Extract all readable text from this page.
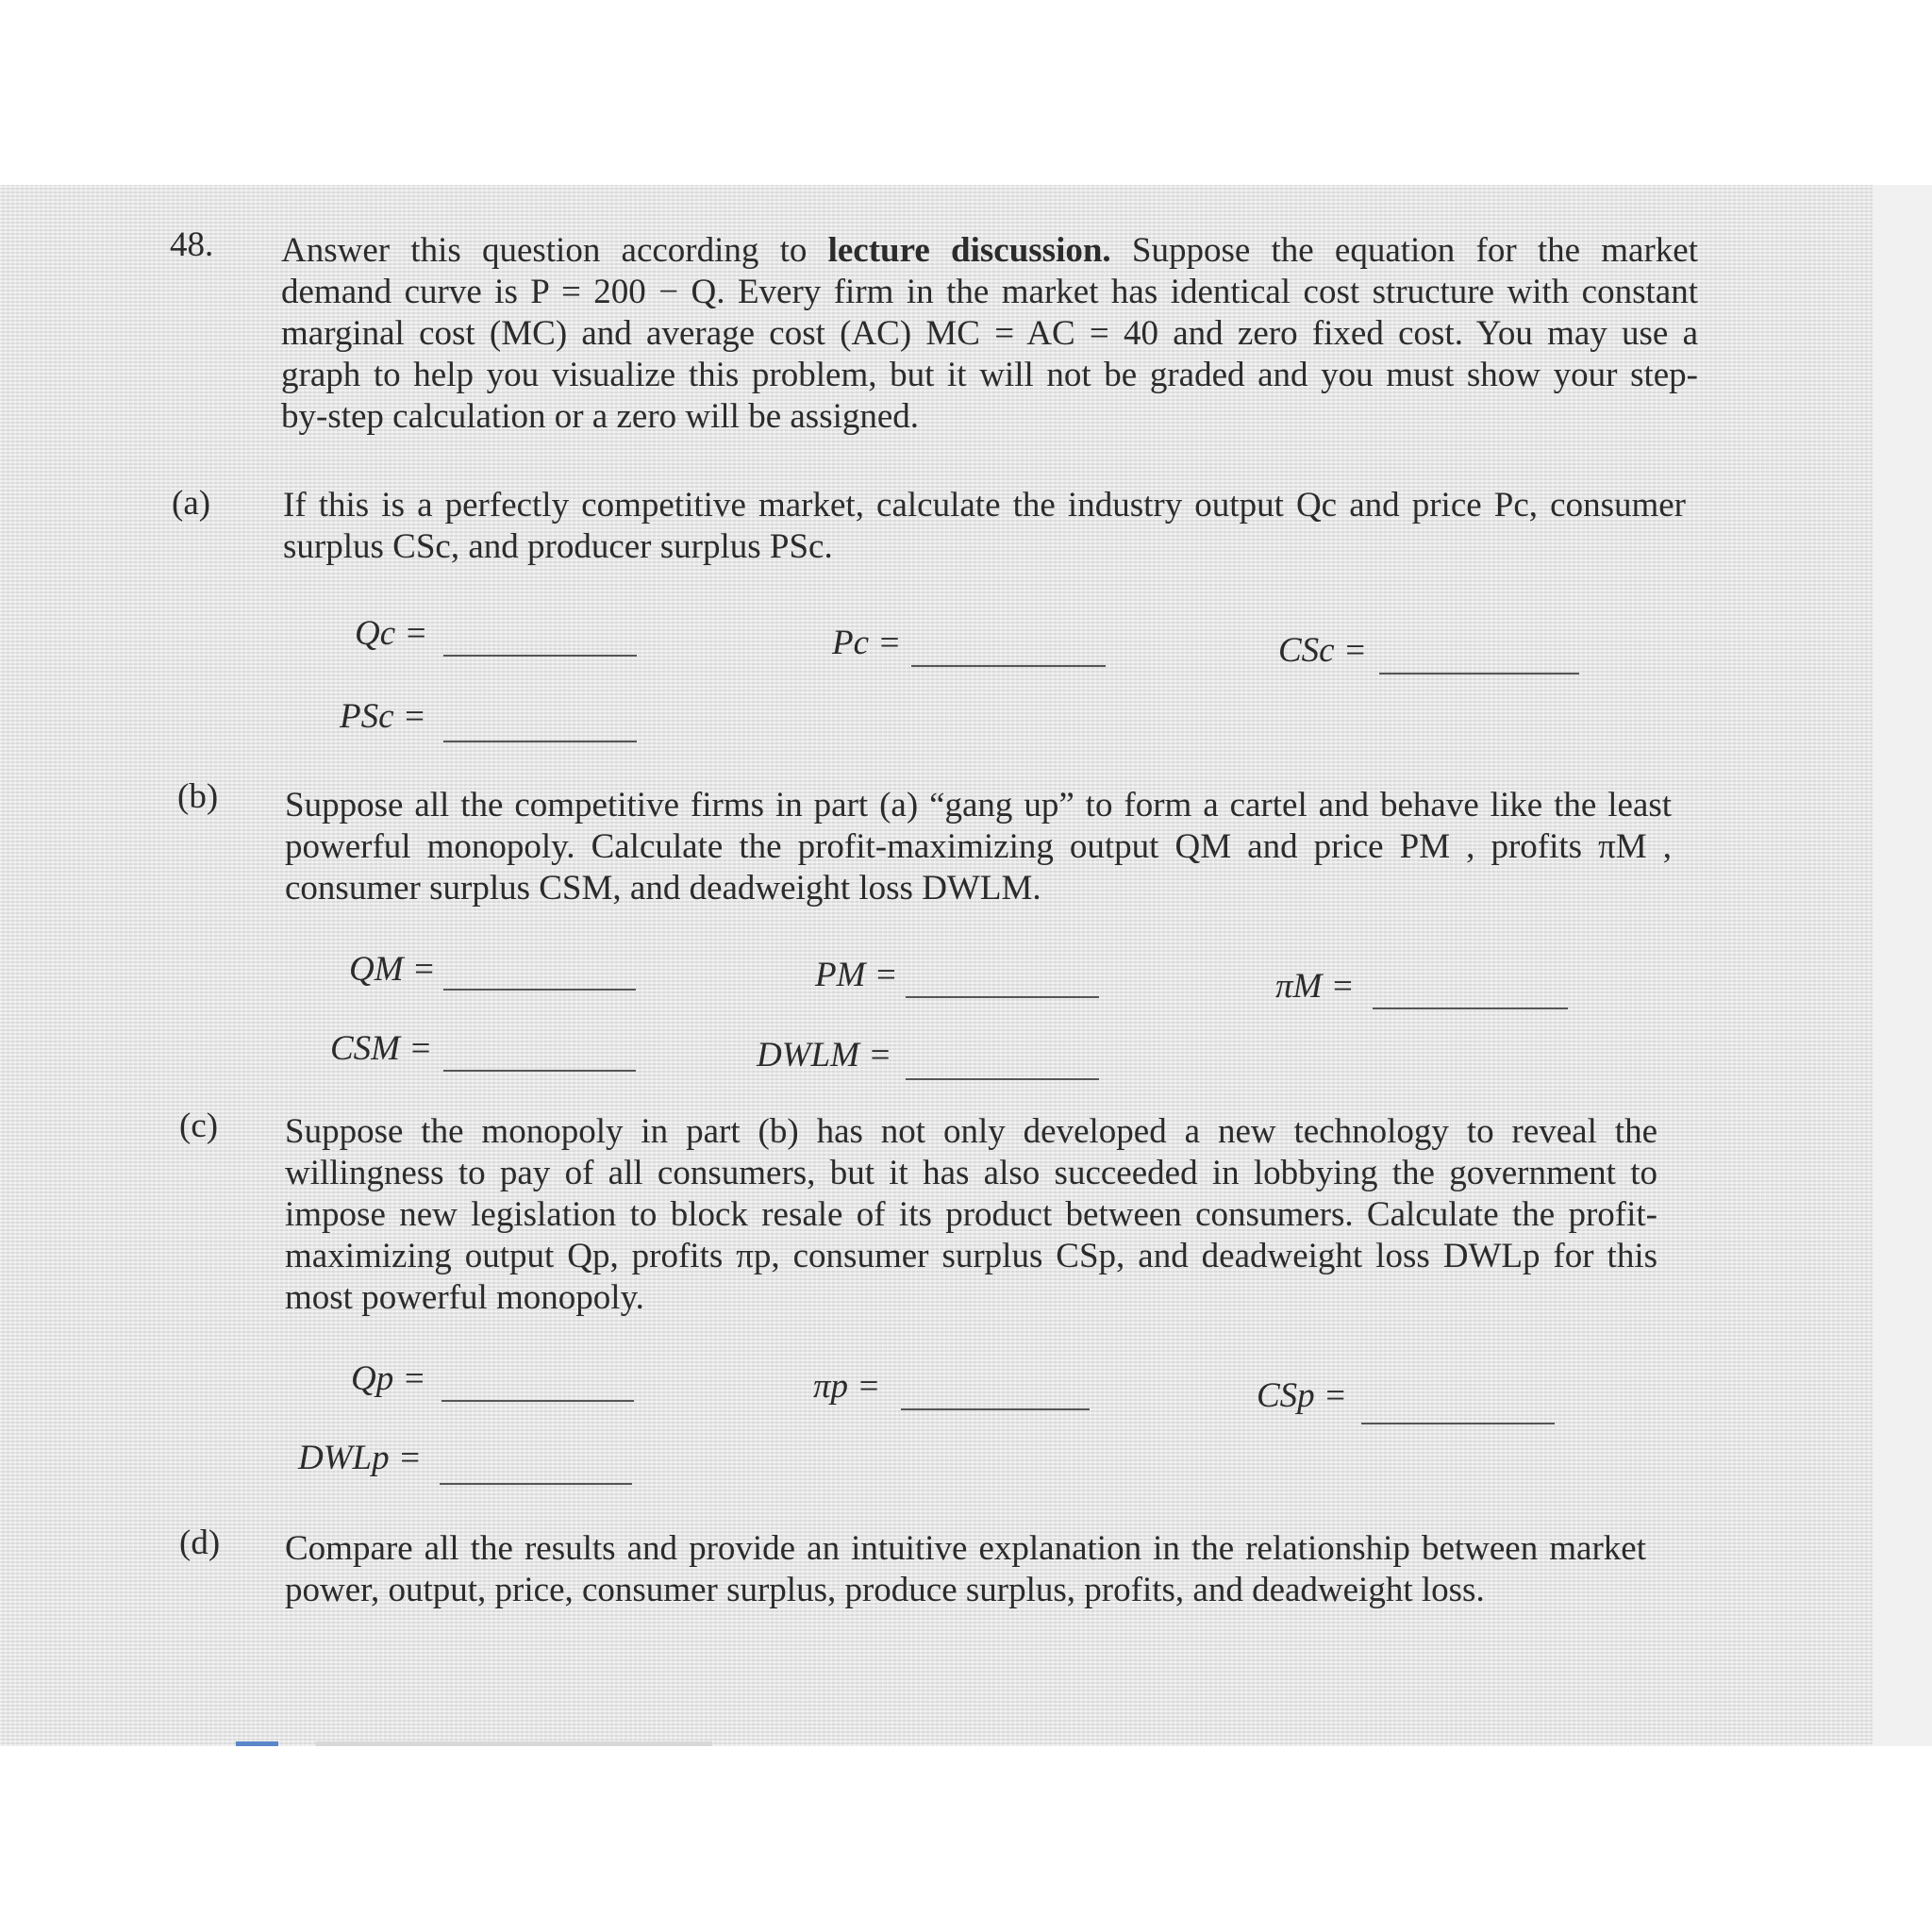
48. Answer this question according to lecture discussion. Suppose the equation for the market
demand curve is P = 200 − Q. Every firm in the market has identical cost structure with constant
marginal cost (MC) and average cost (AC) MC = AC = 40 and zero fixed cost. You may use a
graph to help you visualize this problem, but it will not be graded and you must show your step-
by-step calculation or a zero will be assigned.
(a) If this is a perfectly competitive market, calculate the industry output Qc and price Pc, consumer
surplus CSc, and producer surplus PSc.
Qc =	Pc =	CSc =
PSc =
(b) Suppose all the competitive firms in part (a) “gang up” to form a cartel and behave like the least
powerful monopoly. Calculate the profit-maximizing output QM and price PM , profits πM ,
consumer surplus CSM, and deadweight loss DWLM.
QM =	PM =	πM =
CSM =	DWLM =
(c) Suppose the monopoly in part (b) has not only developed a new technology to reveal the
willingness to pay of all consumers, but it has also succeeded in lobbying the government to
impose new legislation to block resale of its product between consumers. Calculate the profit-
maximizing output Qp, profits πp, consumer surplus CSp, and deadweight loss DWLp for this
most powerful monopoly.
Qp =	πp =	CSp =
DWLp =
(d) Compare all the results and provide an intuitive explanation in the relationship between market
power, output, price, consumer surplus, produce surplus, profits, and deadweight loss.
